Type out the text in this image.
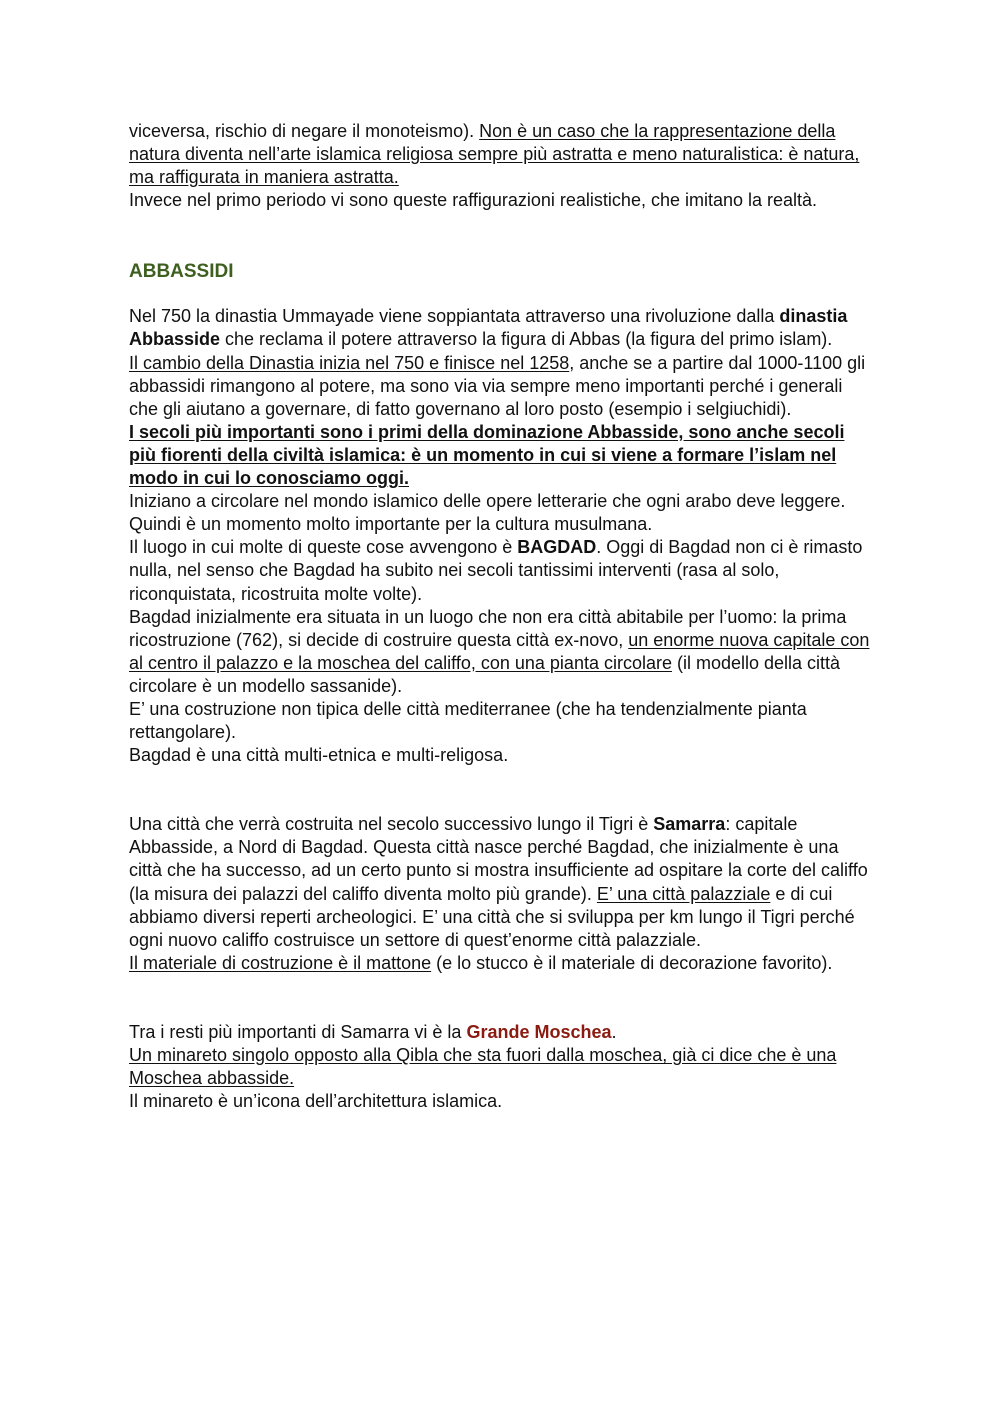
viceversa, rischio di negare il monoteismo). Non è un caso che la rappresentazione della natura diventa nell’arte islamica religiosa sempre più astratta e meno naturalistica: è natura, ma raffigurata in maniera astratta.

Invece nel primo periodo vi sono queste raffigurazioni realistiche, che imitano la realtà.

ABBASSIDI

Nel 750 la dinastia Ummayade viene soppiantata attraverso una rivoluzione dalla dinastia Abbasside che reclama il potere attraverso la figura di Abbas (la figura del primo islam).

Il cambio della Dinastia inizia nel 750 e finisce nel 1258, anche se a partire dal 1000-1100 gli abbassidi rimangono al potere, ma sono via via sempre meno importanti perché i generali che gli aiutano a governare, di fatto governano al loro posto (esempio i selgiuchidi).

I secoli più importanti sono i primi della dominazione Abbasside, sono anche secoli più fiorenti della civiltà islamica: è un momento in cui si viene a formare l’islam nel modo in cui lo conosciamo oggi.

Iniziano a circolare nel mondo islamico delle opere letterarie che ogni arabo deve leggere. Quindi è un momento molto importante per la cultura musulmana.

Il luogo in cui molte di queste cose avvengono è BAGDAD. Oggi di Bagdad non ci è rimasto nulla, nel senso che Bagdad ha subito nei secoli tantissimi interventi (rasa al solo, riconquistata, ricostruita molte volte).

Bagdad inizialmente era situata in un luogo che non era città abitabile per l’uomo: la prima ricostruzione (762), si decide di costruire questa città ex-novo, un enorme nuova capitale con al centro il palazzo e la moschea del califfo, con una pianta circolare (il modello della città circolare è un modello sassanide).

E’ una costruzione non tipica delle città mediterranee (che ha tendenzialmente pianta rettangolare).

Bagdad è una città multi-etnica e multi-religosa.

Una città che verrà costruita nel secolo successivo lungo il Tigri è Samarra: capitale Abbasside, a Nord di Bagdad. Questa città nasce perché Bagdad, che inizialmente è una città che ha successo, ad un certo punto si mostra insufficiente ad ospitare la corte del califfo (la misura dei palazzi del califfo diventa molto più grande). E’ una città palazziale e di cui abbiamo diversi reperti archeologici. E’ una città che si sviluppa per km lungo il Tigri perché ogni nuovo califfo costruisce un settore di quest’enorme città palazziale.

Il materiale di costruzione è il mattone (e lo stucco è il materiale di decorazione favorito).

Tra i resti più importanti di Samarra vi è la Grande Moschea.

Un minareto singolo opposto alla Qibla che sta fuori dalla moschea, già ci dice che è una Moschea abbasside.

Il minareto è un’icona dell’architettura islamica.
